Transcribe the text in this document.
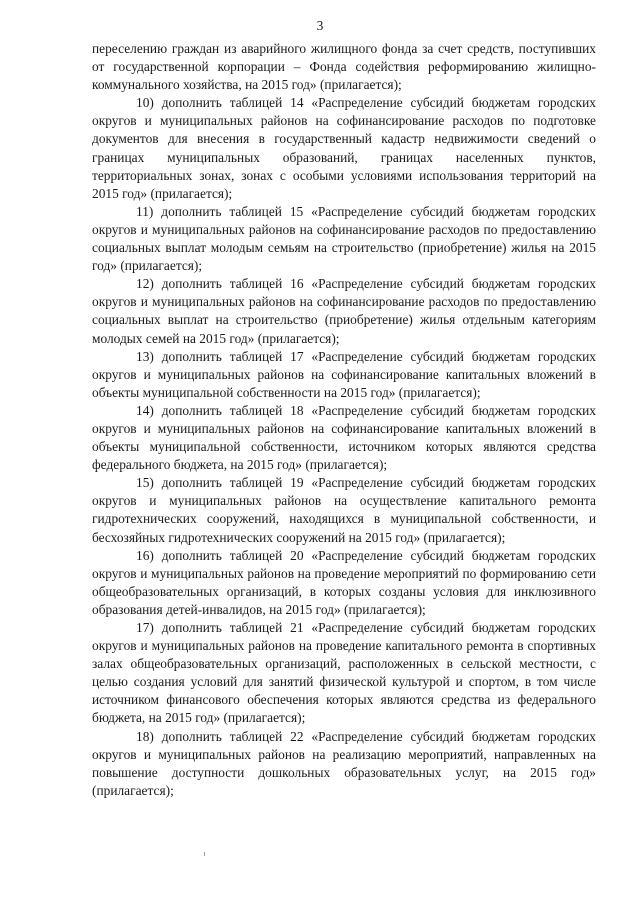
3

переселению граждан из аварийного жилищного фонда за счет средств, поступивших от государственной корпорации – Фонда содействия реформированию жилищно-коммунального хозяйства, на 2015 год» (прилагается);

10) дополнить таблицей 14 «Распределение субсидий бюджетам городских округов и муниципальных районов на софинансирование расходов по подготовке документов для внесения в государственный кадастр недвижимости сведений о границах муниципальных образований, границах населенных пунктов, территориальных зонах, зонах с особыми условиями использования территорий на 2015 год» (прилагается);

11) дополнить таблицей 15 «Распределение субсидий бюджетам городских округов и муниципальных районов на софинансирование расходов по предоставлению социальных выплат молодым семьям на строительство (приобретение) жилья на 2015 год» (прилагается);

12) дополнить таблицей 16 «Распределение субсидий бюджетам городских округов и муниципальных районов на софинансирование расходов по предоставлению социальных выплат на строительство (приобретение) жилья отдельным категориям молодых семей на 2015 год» (прилагается);

13) дополнить таблицей 17 «Распределение субсидий бюджетам городских округов и муниципальных районов на софинансирование капитальных вложений в объекты муниципальной собственности на 2015 год» (прилагается);

14) дополнить таблицей 18 «Распределение субсидий бюджетам городских округов и муниципальных районов на софинансирование капитальных вложений в объекты муниципальной собственности, источником которых являются средства федерального бюджета, на 2015 год» (прилагается);

15) дополнить таблицей 19 «Распределение субсидий бюджетам городских округов и муниципальных районов на осуществление капитального ремонта гидротехнических сооружений, находящихся в муниципальной собственности, и бесхозяйных гидротехнических сооружений на 2015 год» (прилагается);

16) дополнить таблицей 20 «Распределение субсидий бюджетам городских округов и муниципальных районов на проведение мероприятий по формированию сети общеобразовательных организаций, в которых созданы условия для инклюзивного образования детей-инвалидов, на 2015 год» (прилагается);

17) дополнить таблицей 21 «Распределение субсидий бюджетам городских округов и муниципальных районов на проведение капитального ремонта в спортивных залах общеобразовательных организаций, расположенных в сельской местности, с целью создания условий для занятий физической культурой и спортом, в том числе источником финансового обеспечения которых являются средства из федерального бюджета, на 2015 год» (прилагается);

18) дополнить таблицей 22 «Распределение субсидий бюджетам городских округов и муниципальных районов на реализацию мероприятий, направленных на повышение доступности дошкольных образовательных услуг, на 2015 год» (прилагается);
